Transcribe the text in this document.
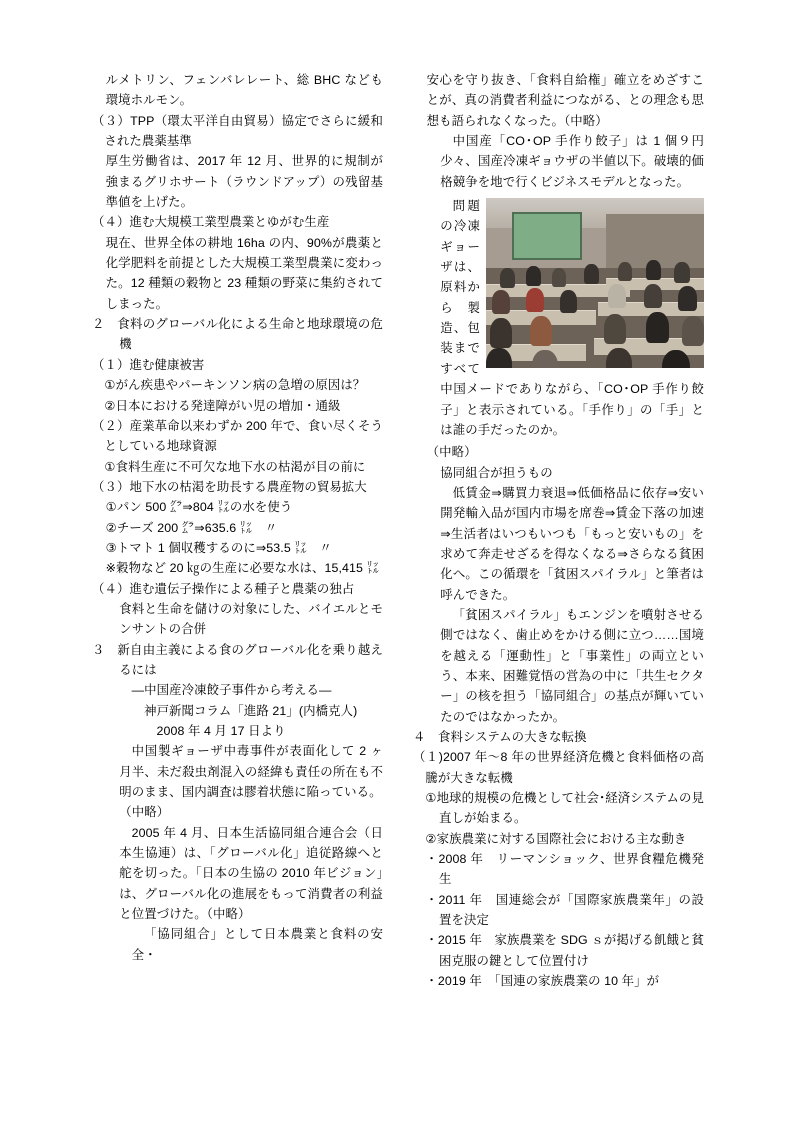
ルメトリン、フェンバレレート、総 BHC なども環境ホルモン。

（３）TPP（環太平洋自由貿易）協定でさらに緩和された農薬基準

厚生労働省は、2017 年 12 月、世界的に規制が強まるグリホサート（ラウンドアップ）の残留基準値を上げた。

（４）進む大規模工業型農業とゆがむ生産

現在、世界全体の耕地 16ha の内、90%が農薬と化学肥料を前提とした大規模工業型農業に変わった。12 種類の穀物と 23 種類の野菜に集約されてしまった。

２　食料のグローバル化による生命と地球環境の危機

（１）進む健康被害

①がん疾患やパーキンソン病の急増の原因は？

②日本における発達障がい児の増加・通級

（２）産業革命以来わずか 200 年で、食い尽くそうとしている地球資源

①食料生産に不可欠な地下水の枯渇が目の前に

（３）地下水の枯渇を助長する農産物の貿易拡大

①パン 500 ㌘⇒804 ㍑の水を使う

②チーズ 200 ㌘⇒635.6 ㍑　〃

③トマト 1 個収穫するのに⇒53.5 ㍑　〃

※穀物など 20 ㎏の生産に必要な水は、15,415 ㍑

（４）進む遺伝子操作による種子と農薬の独占

食料と生命を儲けの対象にした、バイエルとモンサントの合併

３　新自由主義による食のグローバル化を乗り越えるには

―中国産冷凍餃子事件から考える―

神戸新聞コラム「進路 21」(内橋克人)

2008 年 4 月 17 日より

中国製ギョーザ中毒事件が表面化して 2 ヶ月半、未だ殺虫剤混入の経緯も責任の所在も不明のまま、国内調査は膠着状態に陥っている。

（中略）

2005 年 4 月、日本生活協同組合連合会（日本生協連）は、「グローバル化」追従路線へと舵を切った。「日本の生協の 2010 年ビジョン」は、グローバル化の進展をもって消費者の利益と位置づけた。（中略）

「協同組合」として日本農業と食料の安全・

安心を守り抜き、「食料自給権」確立をめざすことが、真の消費者利益につながる、との理念も思想も語られなくなった。（中略）

中国産「CO･OP 手作り餃子」は 1 個９円少々、国産冷凍ギョウザの半値以下。破壊的価格競争を地で行くビジネスモデルとなった。

問題の冷凍ギョーザは、原料から製造、包装まですべて中国メードでありながら、「CO･OP 手作り餃子」と表示されている。「手作り」の「手」とは誰の手だったのか。

（中略）

協同組合が担うもの

低賃金⇒購買力衰退⇒低価格品に依存⇒安い開発輸入品が国内市場を席巻⇒賃金下落の加速⇒生活者はいつもいつも「もっと安いもの」を求めて奔走せざるを得なくなる⇒さらなる貧困化へ。この循環を「貧困スパイラル」と筆者は呼んできた。

「貧困スパイラル」もエンジンを噴射させる側ではなく、歯止めをかける側に立つ……国境を越える「運動性」と「事業性」の両立という、本来、困難覚悟の営為の中に「共生セクター」の核を担う「協同組合」の基点が輝いていたのではなかったか。

４　食料システムの大きな転換

（１)2007 年～8 年の世界経済危機と食料価格の高騰が大きな転機

①地球的規模の危機として社会･経済システムの見直しが始まる。

②家族農業に対する国際社会における主な動き

・2008 年　リーマンショック、世界食糧危機発生

・2011 年　国連総会が「国際家族農業年」の設置を決定

・2015 年　家族農業を SDG ｓが掲げる飢餓と貧困克服の鍵として位置付け

・2019 年　「国連の家族農業の 10 年」が
